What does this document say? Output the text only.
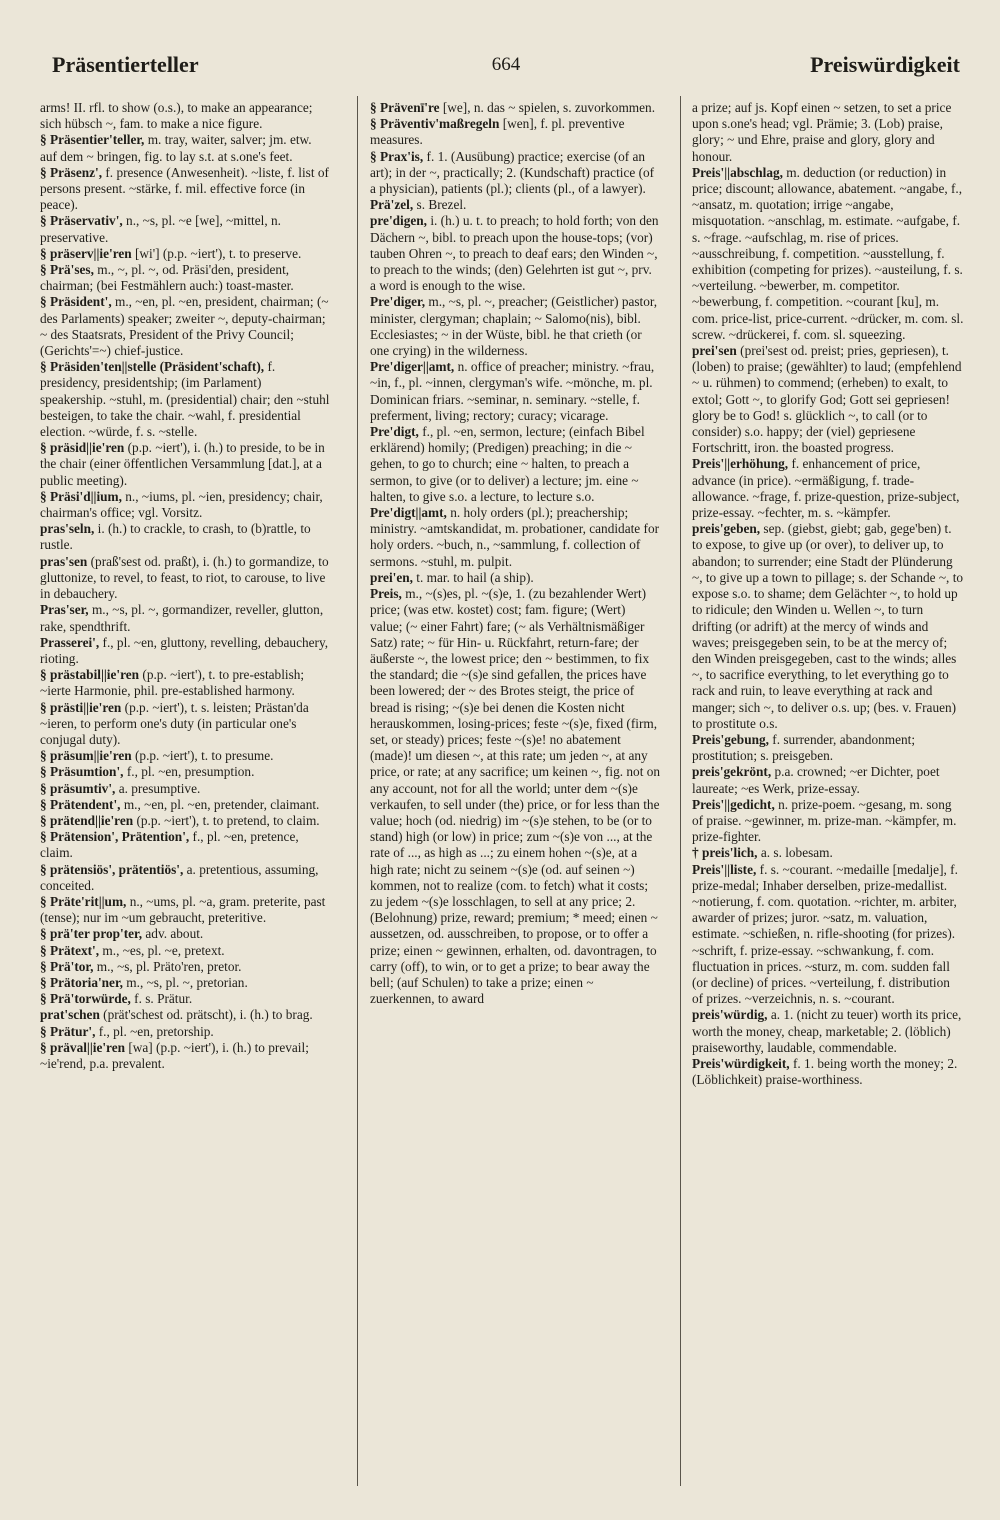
Präsentierteller	664	Preiswürdigkeit

arms! II. rfl. to show (o.s.), to make an appearance; sich hübsch ~, fam. to make a nice figure.

§ Präsentier'teller, m. tray, waiter, salver; jm. etw. auf dem ~ bringen, fig. to lay s.t. at s.one's feet.

§ Präsenz', f. presence (Anwesenheit). ~liste, f. list of persons present. ~stärke, f. mil. effective force (in peace).

§ Präservativ', n., ~s, pl. ~e [we], ~mittel, n. preservative.

§ präserv||ie'ren [wi'] (p.p. ~iert'), t. to preserve.

§ Prä'ses, m., ~, pl. ~, od. Präsi'den, president, chairman; (bei Festmählern auch:) toast-master.

§ Präsident', m., ~en, pl. ~en, president, chairman; (~ des Parlaments) speaker; zweiter ~, deputy-chairman; ~ des Staatsrats, President of the Privy Council; (Gerichts'=~) chief-justice.

§ Präsiden'ten||stelle (Präsident'schaft), f. presidency, presidentship; (im Parlament) speakership. ~stuhl, m. (presidential) chair; den ~stuhl besteigen, to take the chair. ~wahl, f. presidential election. ~würde, f. s. ~stelle.

§ präsid||ie'ren (p.p. ~iert'), i. (h.) to preside, to be in the chair (einer öffentlichen Versammlung [dat.], at a public meeting).

§ Präsi'd||ium, n., ~iums, pl. ~ien, presidency; chair, chairman's office; vgl. Vorsitz.

pras'seln, i. (h.) to crackle, to crash, to (b)rattle, to rustle.

pras'sen (praß'sest od. praßt), i. (h.) to gormandize, to gluttonize, to revel, to feast, to riot, to carouse, to live in debauchery.

Pras'ser, m., ~s, pl. ~, gormandizer, reveller, glutton, rake, spendthrift.

Prasserei', f., pl. ~en, gluttony, revelling, debauchery, rioting.

§ prästabil||ie'ren (p.p. ~iert'), t. to pre-establish; ~ierte Harmonie, phil. pre-established harmony.

§ prästi||ie'ren (p.p. ~iert'), t. s. leisten; Prästan'da ~ieren, to perform one's duty (in particular one's conjugal duty).

§ präsum||ie'ren (p.p. ~iert'), t. to presume.

§ Präsumtion', f., pl. ~en, presumption.

§ präsumtiv', a. presumptive.

§ Prätendent', m., ~en, pl. ~en, pretender, claimant.

§ prätend||ie'ren (p.p. ~iert'), t. to pretend, to claim.

§ Prätension', Prätention', f., pl. ~en, pretence, claim.

§ prätensiös', prätentiös', a. pretentious, assuming, conceited.

§ Präte'rit||um, n., ~ums, pl. ~a, gram. preterite, past (tense); nur im ~um gebraucht, preteritive.

§ prä'ter prop'ter, adv. about.

§ Prätext', m., ~es, pl. ~e, pretext.

§ Prä'tor, m., ~s, pl. Präto'ren, pretor.

§ Prätoria'ner, m., ~s, pl. ~, pretorian.

§ Prä'torwürde, f. s. Prätur.

prat'schen (prät'schest od. prätscht), i. (h.) to brag.

§ Prätur', f., pl. ~en, pretorship.

§ präval||ie'ren [wa] (p.p. ~iert'), i. (h.) to prevail; ~ie'rend, p.a. prevalent.

§ Prävenī're [we], n. das ~ spielen, s. zuvorkommen.

§ Präventiv'maßregeln [wen], f. pl. preventive measures.

§ Prax'is, f. 1. (Ausübung) practice; exercise (of an art); in der ~, practically; 2. (Kundschaft) practice (of a physician), patients (pl.); clients (pl., of a lawyer).

Prä'zel, s. Brezel.

pre'digen, i. (h.) u. t. to preach; to hold forth; von den Dächern ~, bibl. to preach upon the house-tops; (vor) tauben Ohren ~, to preach to deaf ears; den Winden ~, to preach to the winds; (den) Gelehrten ist gut ~, prv. a word is enough to the wise.

Pre'diger, m., ~s, pl. ~, preacher; (Geistlicher) pastor, minister, clergyman; chaplain; ~ Salomo(nis), bibl. Ecclesiastes; ~ in der Wüste, bibl. he that crieth (or one crying) in the wilderness.

Pre'diger||amt, n. office of preacher; ministry. ~frau, ~in, f., pl. ~innen, clergyman's wife. ~mönche, m. pl. Dominican friars. ~seminar, n. seminary. ~stelle, f. preferment, living; rectory; curacy; vicarage.

Pre'digt, f., pl. ~en, sermon, lecture; (einfach Bibel erklärend) homily; (Predigen) preaching; in die ~ gehen, to go to church; eine ~ halten, to preach a sermon, to give (or to deliver) a lecture; jm. eine ~ halten, to give s.o. a lecture, to lecture s.o.

Pre'digt||amt, n. holy orders (pl.); preachership; ministry. ~amtskandidat, m. probationer, candidate for holy orders. ~buch, n., ~sammlung, f. collection of sermons. ~stuhl, m. pulpit.

prei'en, t. mar. to hail (a ship).

Preis, m., ~(s)es, pl. ~(s)e, 1. (zu bezahlender Wert) price; (was etw. kostet) cost; fam. figure; (Wert) value; (~ einer Fahrt) fare; (~ als Verhältnismäßiger Satz) rate; ~ für Hin- u. Rückfahrt, return-fare; der äußerste ~, the lowest price; den ~ bestimmen, to fix the standard; die ~(s)e sind gefallen, the prices have been lowered; der ~ des Brotes steigt, the price of bread is rising; ~(s)e bei denen die Kosten nicht herauskommen, losing-prices; feste ~(s)e, fixed (firm, set, or steady) prices; feste ~(s)e! no abatement (made)! um diesen ~, at this rate; um jeden ~, at any price, or rate; at any sacrifice; um keinen ~, fig. not on any account, not for all the world; unter dem ~(s)e verkaufen, to sell under (the) price, or for less than the value; hoch (od. niedrig) im ~(s)e stehen, to be (or to stand) high (or low) in price; zum ~(s)e von ..., at the rate of ..., as high as ...; zu einem hohen ~(s)e, at a high rate; nicht zu seinem ~(s)e (od. auf seinen ~) kommen, not to realize (com. to fetch) what it costs; zu jedem ~(s)e losschlagen, to sell at any price; 2. (Belohnung) prize, reward; premium; * meed; einen ~ aussetzen, od. ausschreiben, to propose, or to offer a prize; einen ~ gewinnen, erhalten, od. davontragen, to carry (off), to win, or to get a prize; to bear away the bell; (auf Schulen) to take a prize; einen ~ zuerkennen, to award

a prize; auf js. Kopf einen ~ setzen, to set a price upon s.one's head; vgl. Prämie; 3. (Lob) praise, glory; ~ und Ehre, praise and glory, glory and honour.

Preis'||abschlag, m. deduction (or reduction) in price; discount; allowance, abatement. ~angabe, f., ~ansatz, m. quotation; irrige ~angabe, misquotation. ~anschlag, m. estimate. ~aufgabe, f. s. ~frage. ~aufschlag, m. rise of prices. ~ausschreibung, f. competition. ~ausstellung, f. exhibition (competing for prizes). ~austeilung, f. s. ~verteilung. ~bewerber, m. competitor. ~bewerbung, f. competition. ~courant [ku], m. com. price-list, price-current. ~drücker, m. com. sl. screw. ~drückerei, f. com. sl. squeezing.

prei'sen (prei'sest od. preist; pries, gepriesen), t. (loben) to praise; (gewählter) to laud; (empfehlend ~ u. rühmen) to commend; (erheben) to exalt, to extol; Gott ~, to glorify God; Gott sei gepriesen! glory be to God! s. glücklich ~, to call (or to consider) s.o. happy; der (viel) gepriesene Fortschritt, iron. the boasted progress.

Preis'||erhöhung, f. enhancement of price, advance (in price). ~ermäßigung, f. trade-allowance. ~frage, f. prize-question, prize-subject, prize-essay. ~fechter, m. s. ~kämpfer.

preis'geben, sep. (giebst, giebt; gab, gege'ben) t. to expose, to give up (or over), to deliver up, to abandon; to surrender; eine Stadt der Plünderung ~, to give up a town to pillage; s. der Schande ~, to expose s.o. to shame; dem Gelächter ~, to hold up to ridicule; den Winden u. Wellen ~, to turn drifting (or adrift) at the mercy of winds and waves; preisgegeben sein, to be at the mercy of; den Winden preisgegeben, cast to the winds; alles ~, to sacrifice everything, to let everything go to rack and ruin, to leave everything at rack and manger; sich ~, to deliver o.s. up; (bes. v. Frauen) to prostitute o.s.

Preis'gebung, f. surrender, abandonment; prostitution; s. preisgeben.

preis'gekrönt, p.a. crowned; ~er Dichter, poet laureate; ~es Werk, prize-essay.

Preis'||gedicht, n. prize-poem. ~gesang, m. song of praise. ~gewinner, m. prize-man. ~kämpfer, m. prize-fighter.

† preis'lich, a. s. lobesam.

Preis'||liste, f. s. ~courant. ~medaille [medalje], f. prize-medal; Inhaber derselben, prize-medallist. ~notierung, f. com. quotation. ~richter, m. arbiter, awarder of prizes; juror. ~satz, m. valuation, estimate. ~schießen, n. rifle-shooting (for prizes). ~schrift, f. prize-essay. ~schwankung, f. com. fluctuation in prices. ~sturz, m. com. sudden fall (or decline) of prices. ~verteilung, f. distribution of prizes. ~verzeichnis, n. s. ~courant.

preis'würdig, a. 1. (nicht zu teuer) worth its price, worth the money, cheap, marketable; 2. (löblich) praiseworthy, laudable, commendable.

Preis'würdigkeit, f. 1. being worth the money; 2. (Löblichkeit) praise-worthiness.
